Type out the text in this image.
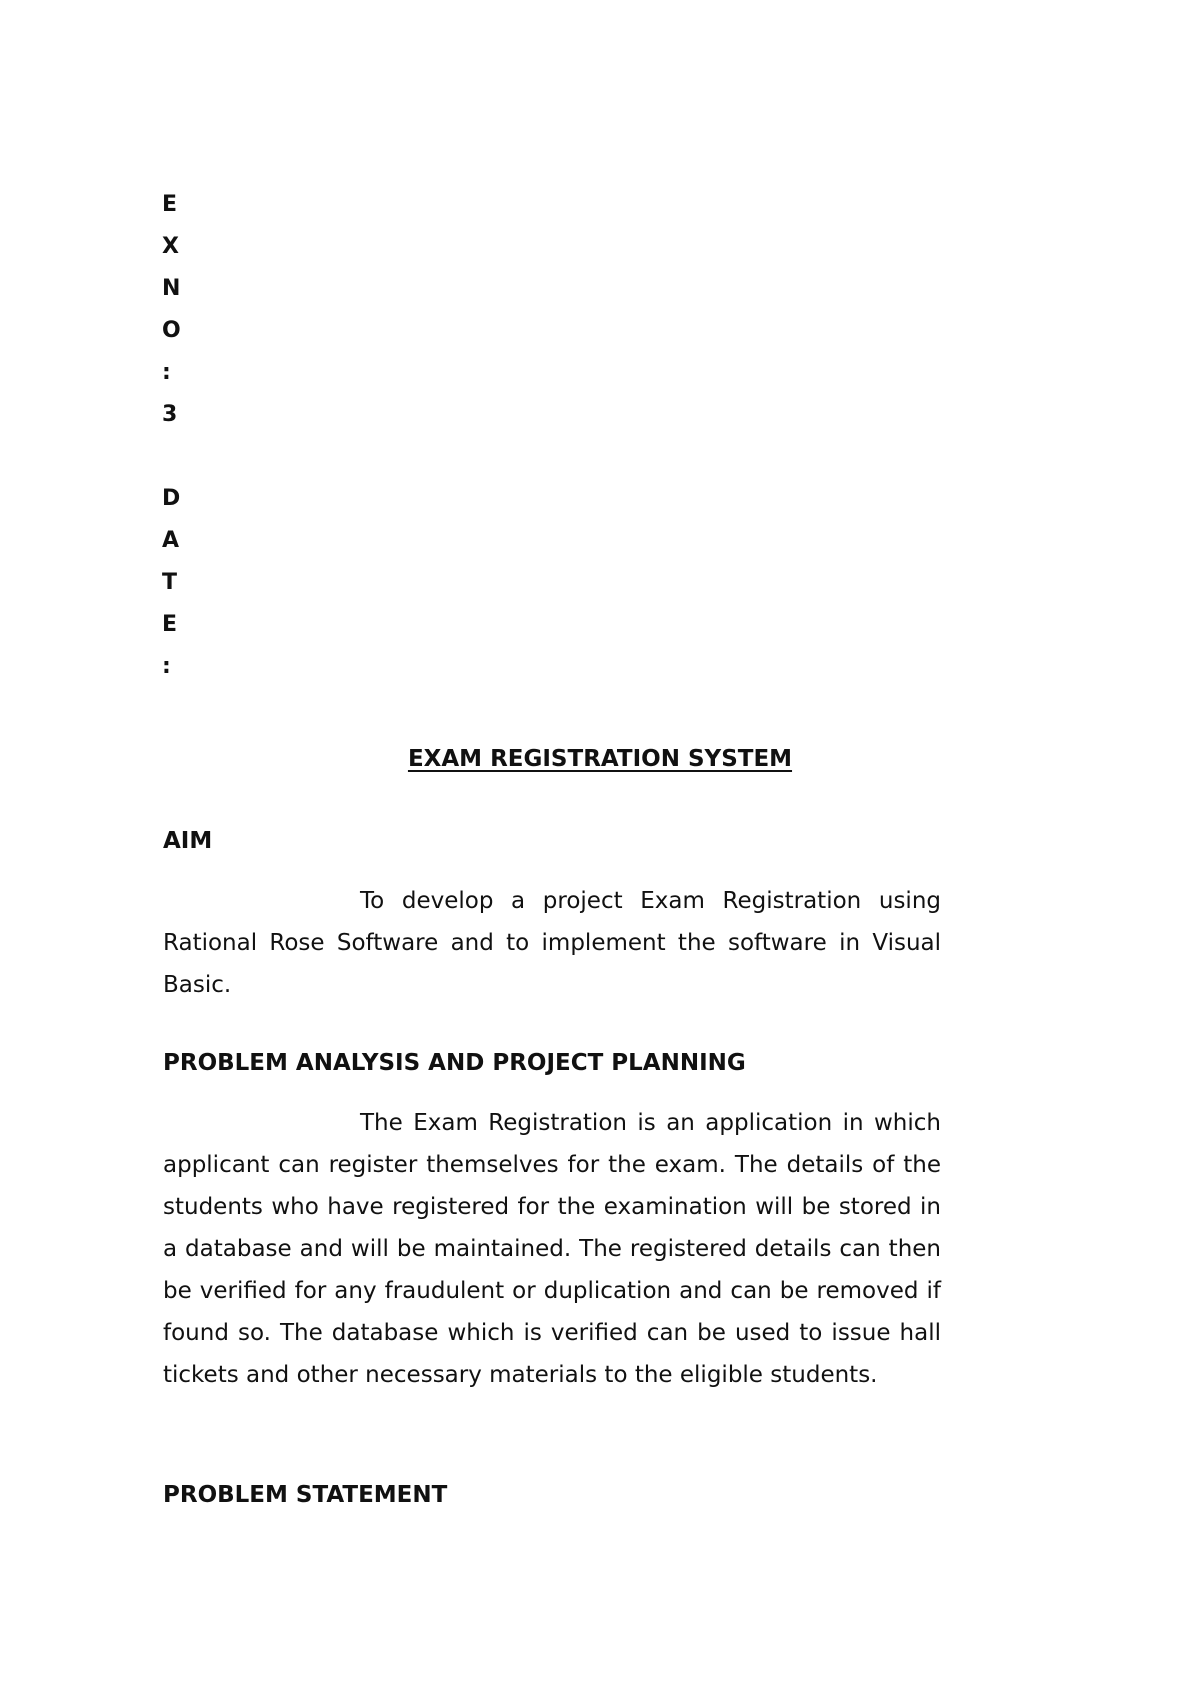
E
X
N
O
:
3
D
A
T
E
:
EXAM REGISTRATION SYSTEM
AIM

To develop a project Exam Registration using Rational Rose Software and to implement the software in Visual Basic.

PROBLEM ANALYSIS AND PROJECT PLANNING

The Exam Registration is an application in which applicant can register themselves for the exam. The details of the students who have registered for the examination will be stored in a database and will be maintained. The registered details can then be verified for any fraudulent or duplication and can be removed if found so. The database which is verified can be used to issue hall tickets and other necessary materials to the eligible students.

PROBLEM STATEMENT
